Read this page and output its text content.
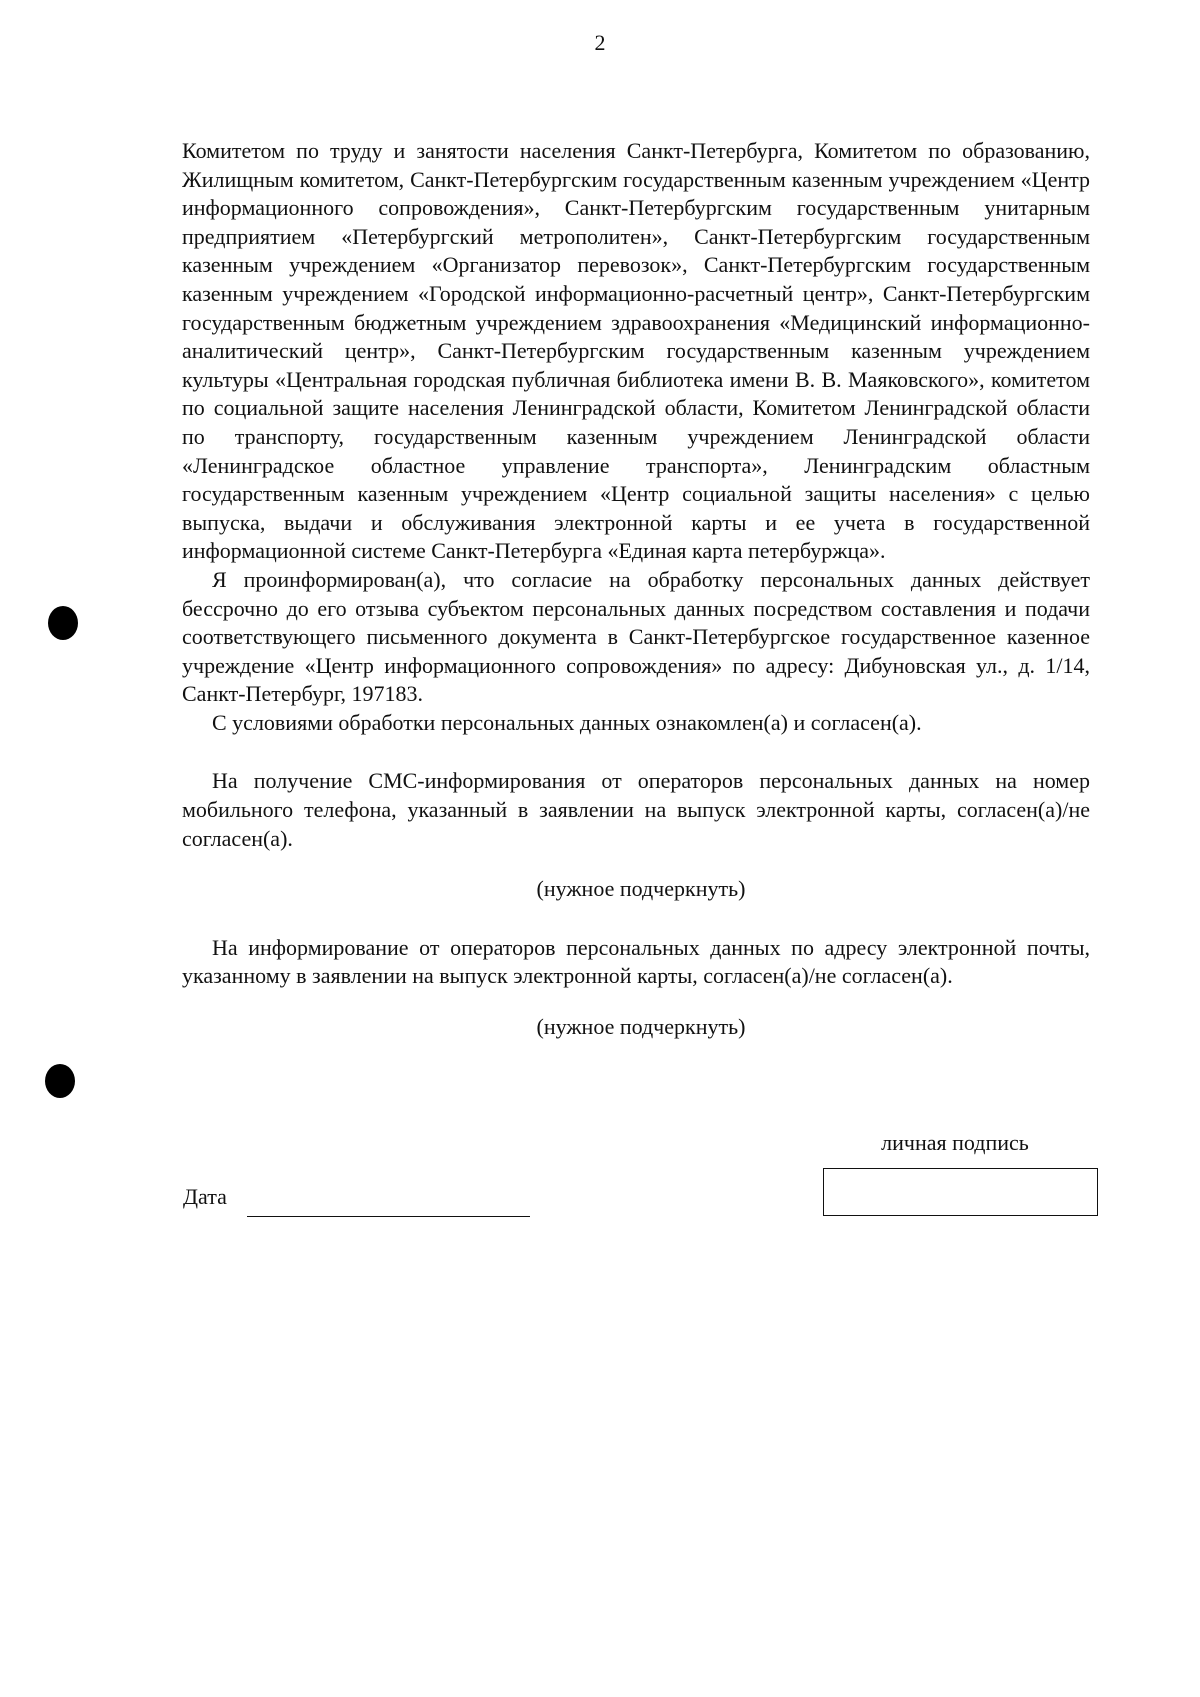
2

Комитетом по труду и занятости населения Санкт-Петербурга, Комитетом по образованию, Жилищным комитетом, Санкт-Петербургским государственным казенным учреждением «Центр информационного сопровождения», Санкт-Петербургским государственным унитарным предприятием «Петербургский метрополитен», Санкт-Петербургским государственным казенным учреждением «Организатор перевозок», Санкт-Петербургским государственным казенным учреждением «Городской информационно-расчетный центр», Санкт-Петербургским государственным бюджетным учреждением здравоохранения «Медицинский информационно-аналитический центр», Санкт-Петербургским государственным казенным учреждением культуры «Центральная городская публичная библиотека имени В. В. Маяковского», комитетом по социальной защите населения Ленинградской области, Комитетом Ленинградской области по транспорту, государственным казенным учреждением Ленинградской области «Ленинградское областное управление транспорта», Ленинградским областным государственным казенным учреждением «Центр социальной защиты населения» с целью выпуска, выдачи и обслуживания электронной карты и ее учета в государственной информационной системе Санкт-Петербурга «Единая карта петербуржца».

Я проинформирован(а), что согласие на обработку персональных данных действует бессрочно до его отзыва субъектом персональных данных посредством составления и подачи соответствующего письменного документа в Санкт-Петербургское государственное казенное учреждение «Центр информационного сопровождения» по адресу: Дибуновская ул., д. 1/14, Санкт-Петербург, 197183.

С условиями обработки персональных данных ознакомлен(а) и согласен(а).

На получение СМС-информирования от операторов персональных данных на номер мобильного телефона, указанный в заявлении на выпуск электронной карты, согласен(а)/не согласен(а).

(нужное подчеркнуть)

На информирование от операторов персональных данных по адресу электронной почты, указанному в заявлении на выпуск электронной карты, согласен(а)/не согласен(а).

(нужное подчеркнуть)

личная подпись
Дата
